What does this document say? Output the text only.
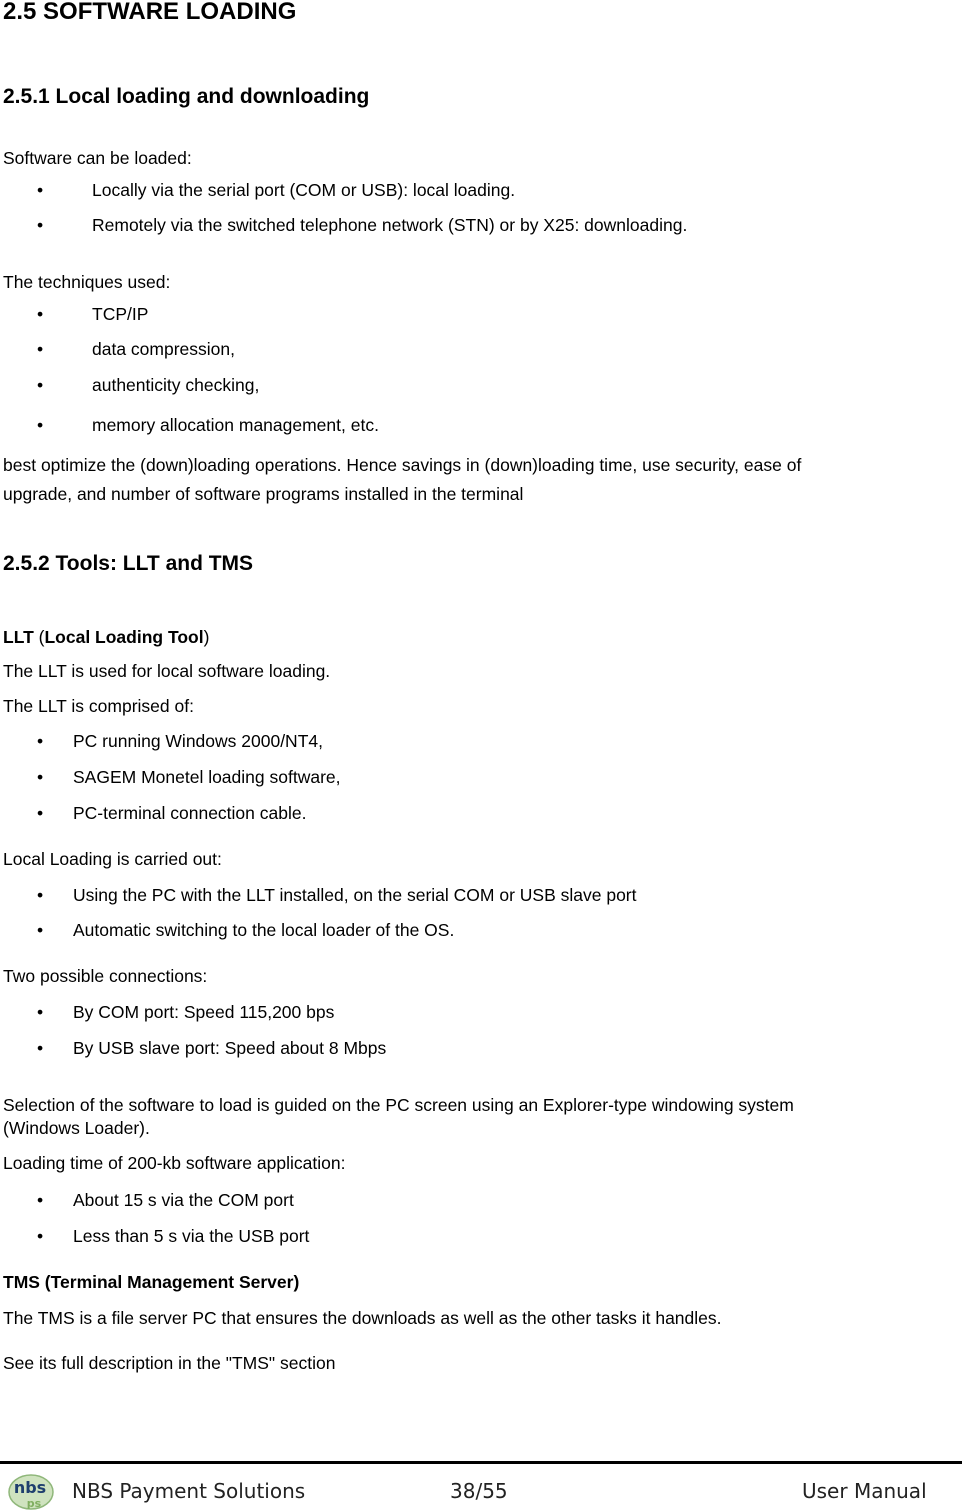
2.5 SOFTWARE LOADING
2.5.1 Local loading and downloading
Software can be loaded:
•	Locally via the serial port (COM or USB): local loading.
•	Remotely via the switched telephone network (STN) or by X25: downloading.
The techniques used:
•	TCP/IP
•	data compression,
•	authenticity checking,
•	memory allocation management, etc.
best optimize the (down)loading operations. Hence savings in (down)loading time, use security, ease of
upgrade, and number of software programs installed in the terminal
2.5.2 Tools: LLT and TMS
LLT (Local Loading Tool)
The LLT is used for local software loading.
The LLT is comprised of:
• PC running Windows 2000/NT4,
• SAGEM Monetel loading software,
• PC-terminal connection cable.
Local Loading is carried out:
• Using the PC with the LLT installed, on the serial COM or USB slave port
• Automatic switching to the local loader of the OS.
Two possible connections:
• By COM port: Speed 115,200 bps
• By USB slave port: Speed about 8 Mbps
Selection of the software to load is guided on the PC screen using an Explorer-type windowing system
(Windows Loader).
Loading time of 200-kb software application:
• About 15 s via the COM port
• Less than 5 s via the USB port
TMS (Terminal Management Server)
The TMS is a file server PC that ensures the downloads as well as the other tasks it handles.
See its full description in the "TMS" section
nbs
ps
NBS Payment Solutions	38/55	User Manual
